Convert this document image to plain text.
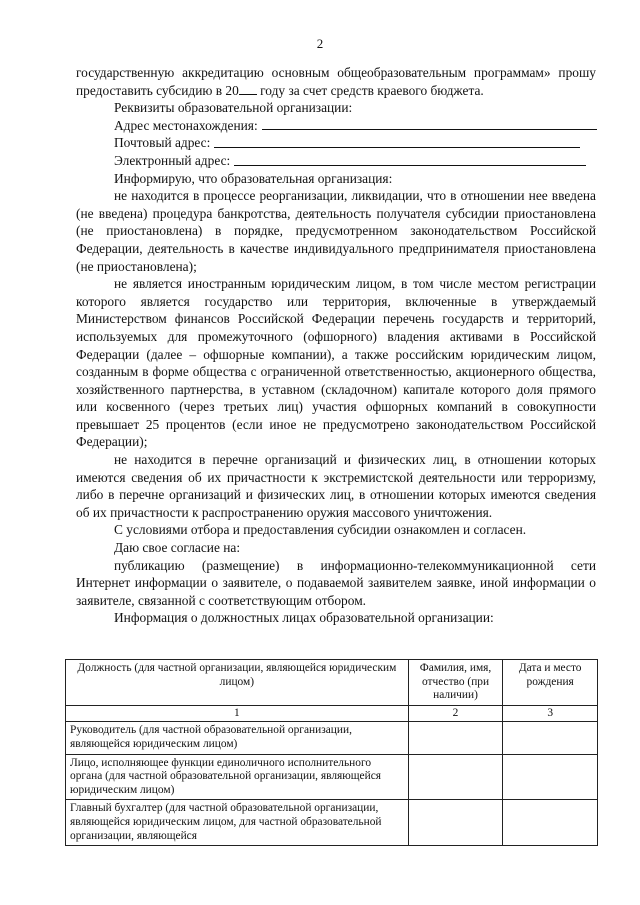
2

государственную аккредитацию основным общеобразовательным программам» прошу предоставить субсидию в 20 году за счет средств краевого бюджета.

Реквизиты образовательной организации:

Адрес местонахождения:

Почтовый адрес:

Электронный адрес:

Информирую, что образовательная организация:

не находится в процессе реорганизации, ликвидации, что в отношении нее введена (не введена) процедура банкротства, деятельность получателя субсидии приостановлена (не приостановлена) в порядке, предусмотренном законодательством Российской Федерации, деятельность в качестве индивидуального предпринимателя приостановлена (не приостановлена);

не является иностранным юридическим лицом, в том числе местом регистрации которого является государство или территория, включенные в утверждаемый Министерством финансов Российской Федерации перечень государств и территорий, используемых для промежуточного (офшорного) владения активами в Российской Федерации (далее – офшорные компании), а также российским юридическим лицом, созданным в форме общества с ограниченной ответственностью, акционерного общества, хозяйственного партнерства, в уставном (складочном) капитале которого доля прямого или косвенного (через третьих лиц) участия офшорных компаний в совокупности превышает 25 процентов (если иное не предусмотрено законодательством Российской Федерации);

не находится в перечне организаций и физических лиц, в отношении которых имеются сведения об их причастности к экстремистской деятельности или терроризму, либо в перечне организаций и физических лиц, в отношении которых имеются сведения об их причастности к распространению оружия массового уничтожения.

С условиями отбора и предоставления субсидии ознакомлен и согласен.

Даю свое согласие на:

публикацию (размещение) в информационно-телекоммуникационной сети Интернет информации о заявителе, о подаваемой заявителем заявке, иной информации о заявителе, связанной с соответствующим отбором.

Информация о должностных лицах образовательной организации:

Должность (для частной организации, являющейся юридическим лицом)	Фамилия, имя, отчество (при наличии)	Дата и место рождения
1	2	3
Руководитель (для частной образовательной организации, являющейся юридическим лицом)		
Лицо, исполняющее функции единоличного исполнительного органа (для частной образовательной организации, являющейся юридическим лицом)		
Главный бухгалтер (для частной образовательной организации, являющейся юридическим лицом, для частной образовательной организации, являющейся		
